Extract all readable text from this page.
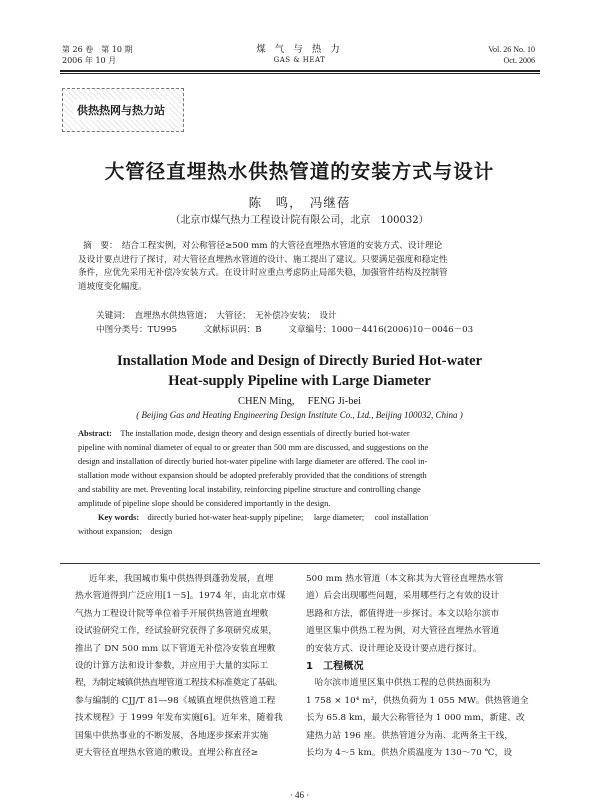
第 26 卷　第 10 期
2006 年 10 月
煤 气 与 热 力
GAS & HEAT
Vol. 26 No. 10
Oct. 2006
供热热网与热力站
大管径直埋热水供热管道的安装方式与设计
陈　鸣，　冯继蓓
（北京市煤气热力工程设计院有限公司，北京　100032）
摘　要：　结合工程实例，对公称管径≥500 mm 的大管径直埋热水管道的安装方式、设计理论
及设计要点进行了探讨，对大管径直埋热水管道的设计、施工提出了建议。只要满足强度和稳定性
条件，应优先采用无补偿冷安装方式。在设计时应重点考虑防止局部失稳，加强管件结构及控制管
道坡度变化幅度。
关键词：　直埋热水供热管道；　大管径；　无补偿冷安装；　设计
中图分类号：TU995	文献标识码：B	文章编号：1000－4416(2006)10－0046－03
Installation Mode and Design of Directly Buried Hot-water
Heat-supply Pipeline with Large Diameter
CHEN Ming,　 FENG Ji-bei
( Beijing Gas and Heating Engineering Design Institute Co., Ltd., Beijing 100032, China )
Abstract:　The installation mode, design theory and design essentials of directly buried hot-water
pipeline with nominal diameter of equal to or greater than 500 mm are discussed, and suggestions on the
design and installation of directly buried hot-water pipeline with large diameter are offered. The cool in-
stallation mode without expansion should be adopted preferably provided that the conditions of strength
and stability are met. Preventing local instability, reinforcing pipeline structure and controlling change
amplitude of pipeline slope should be considered importantly in the design.
Key words:　directly buried hot-water heat-supply pipeline;　 large diameter;　 cool installation
without expansion;　design
近年来，我国城市集中供热得到蓬勃发展，直埋
热水管道得到广泛应用[1－5]。1974 年，由北京市煤
气热力工程设计院等单位着手开展供热管道直埋敷
设试验研究工作，经试验研究获得了多项研究成果，
推出了 DN 500 mm 以下管道无补偿冷安装直埋敷
设的计算方法和设计参数，并应用于大量的实际工
程，为制定城镇供热直埋管道工程技术标准奠定了基础。
参与编制的 CJJ/T 81—98《城镇直埋供热管道工程
技术规程》于 1999 年发布实施[6]。近年来，随着我
国集中供热事业的不断发展，各地逐步探索并实施
更大管径直埋热水管道的敷设。直埋公称直径≥
500 mm 热水管道（本文称其为大管径直埋热水管
道）后会出现哪些问题，采用哪些行之有效的设计
思路和方法，都值得进一步探讨。本文以哈尔滨市
道里区集中供热工程为例，对大管径直埋热水管道
的安装方式、设计理论及设计要点进行探讨。
1　工程概况
　哈尔滨市道里区集中供热工程的总供热面积为
1 758 × 10⁴ m²，供热负荷为 1 055 MW。供热管道全
长为 65.8 km，最大公称管径为 1 000 mm，新建、改
建热力站 196 座。供热管道分为南、北两条主干线，
长均为 4～5 km。供热介质温度为 130～70 ℃，设
· 46 ·
